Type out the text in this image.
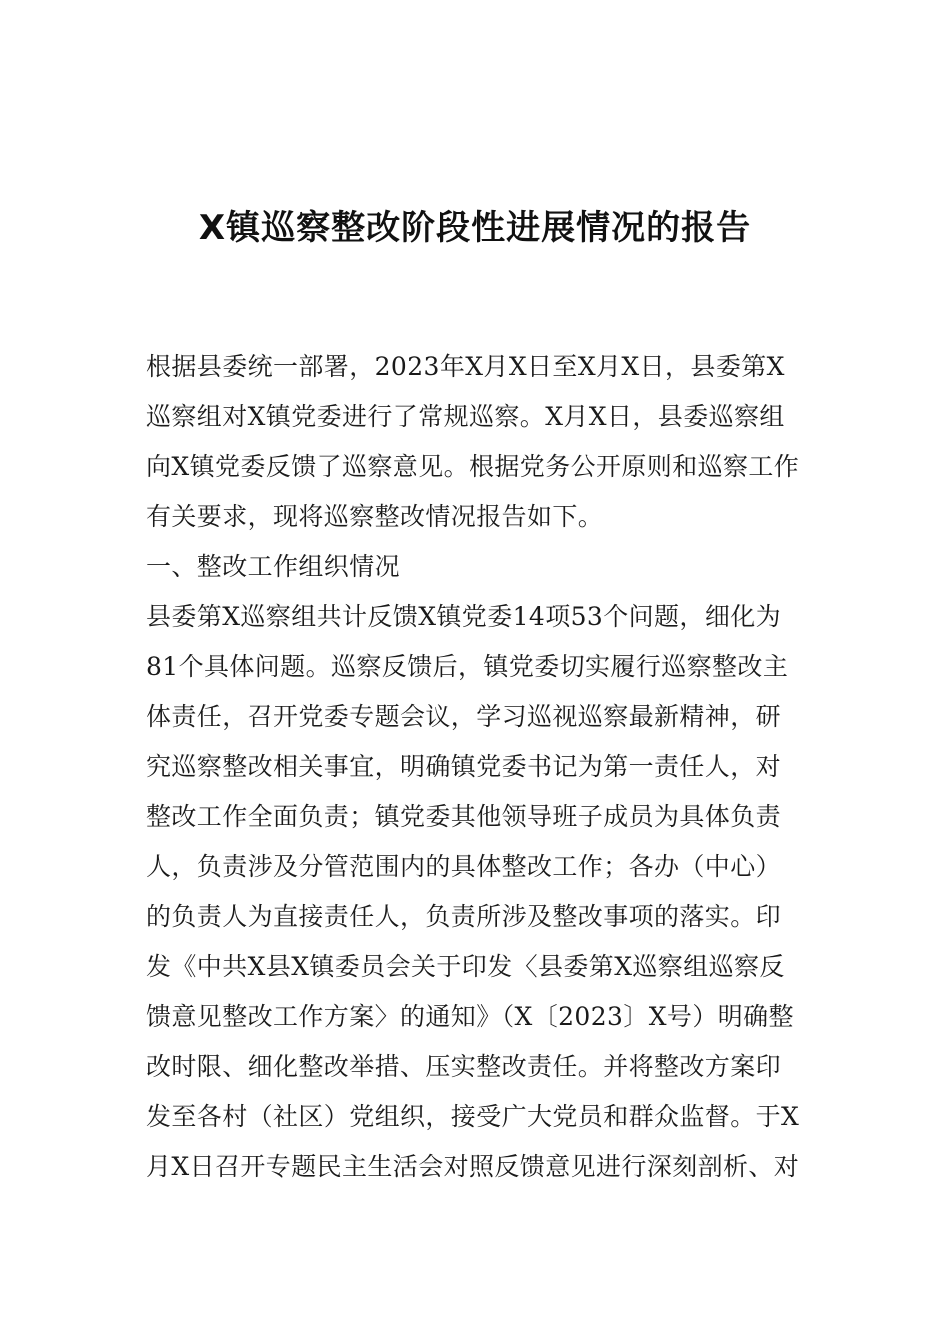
X镇巡察整改阶段性进展情况的报告
根据县委统一部署，2023年X月X日至X月X日，县委第X
巡察组对X镇党委进行了常规巡察。X月X日，县委巡察组
向X镇党委反馈了巡察意见。根据党务公开原则和巡察工作
有关要求，现将巡察整改情况报告如下。
一、整改工作组织情况
县委第X巡察组共计反馈X镇党委14项53个问题，细化为
81个具体问题。巡察反馈后，镇党委切实履行巡察整改主
体责任，召开党委专题会议，学习巡视巡察最新精神，研
究巡察整改相关事宜，明确镇党委书记为第一责任人，对
整改工作全面负责；镇党委其他领导班子成员为具体负责
人，负责涉及分管范围内的具体整改工作；各办（中心）
的负责人为直接责任人，负责所涉及整改事项的落实。印
发《中共X县X镇委员会关于印发〈县委第X巡察组巡察反
馈意见整改工作方案〉的通知》（X〔2023〕X号）明确整
改时限、细化整改举措、压实整改责任。并将整改方案印
发至各村（社区）党组织，接受广大党员和群众监督。于X
月X日召开专题民主生活会对照反馈意见进行深刻剖析、对
